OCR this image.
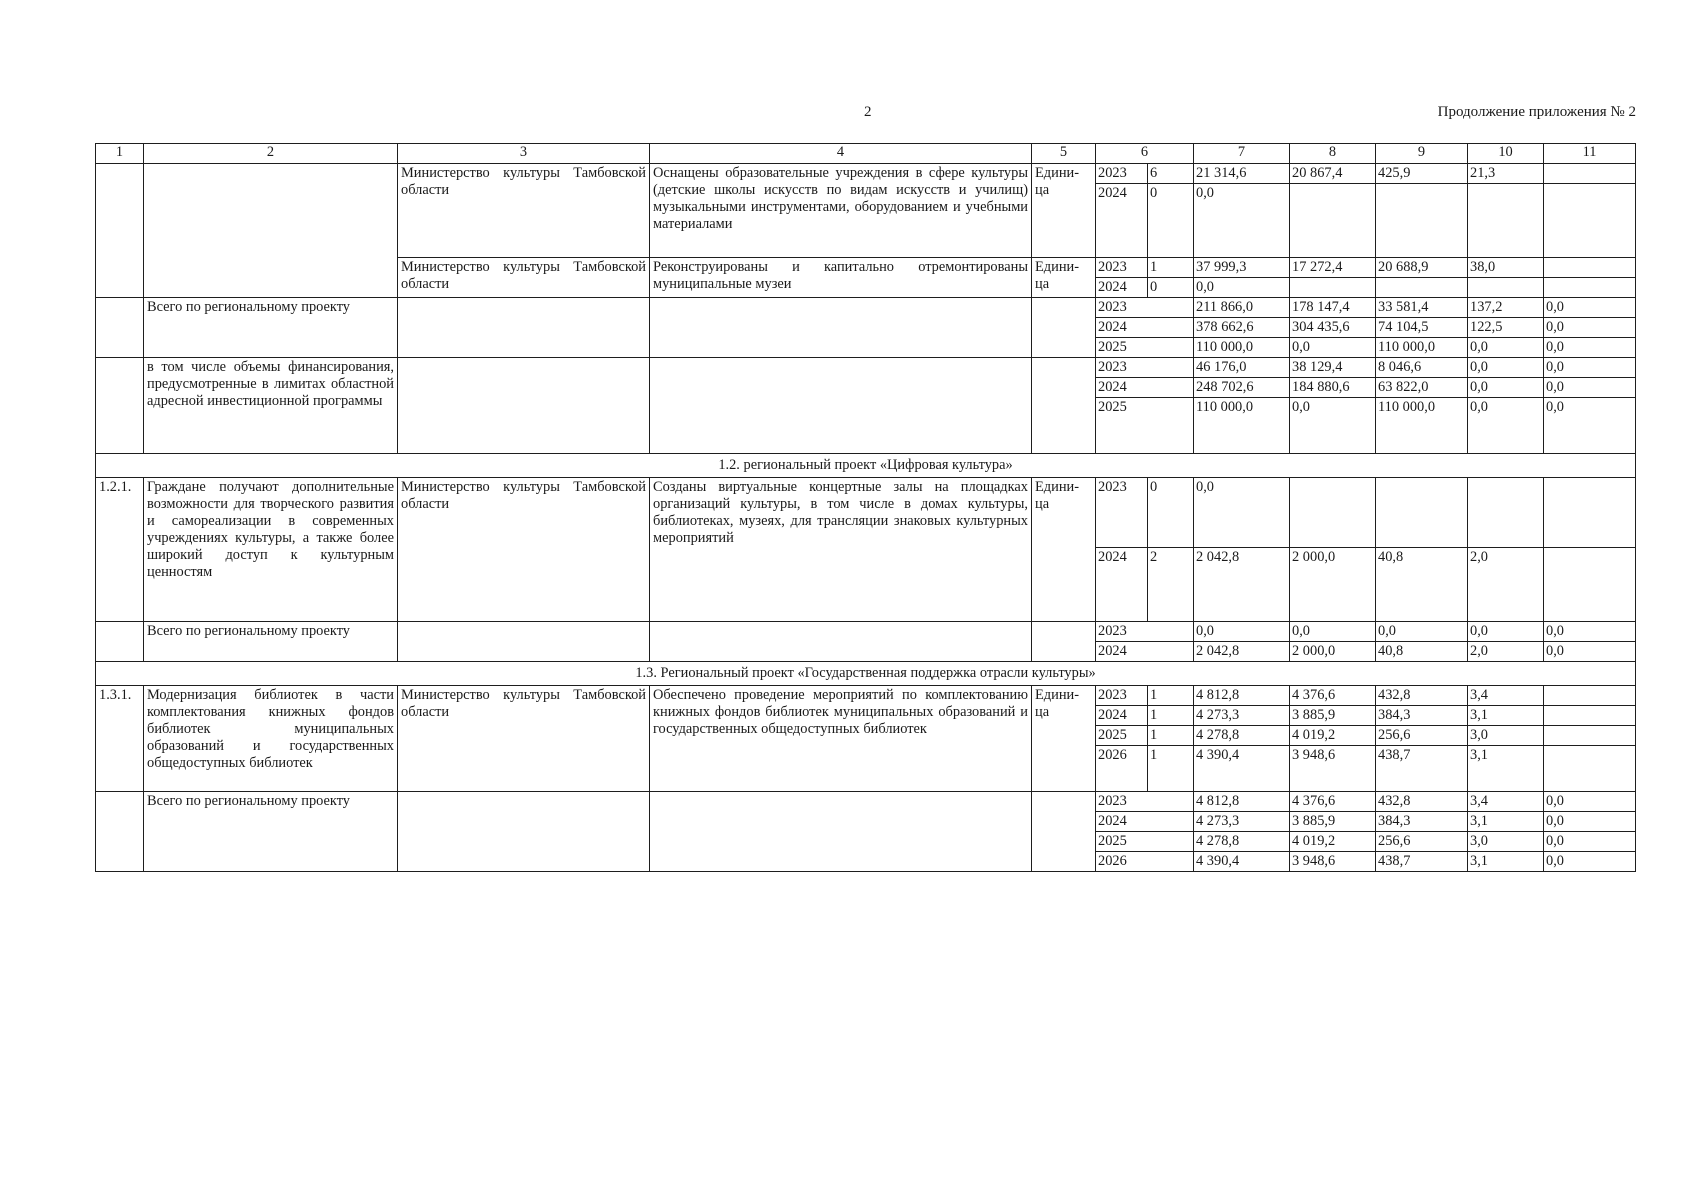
2	Продолжение приложения № 2
1	2	3	4	5	6		7	8	9	10	11
		Министерство культуры Тамбовской области	Оснащены образовательные учреждения в сфере культуры (детские школы искусств по видам искусств и училищ) музыкальными инструментами, оборудованием и учебными материалами	Едини-ца	2023	6	21 314,6	20 867,4	425,9	21,3	
					2024	0	0,0				
		Министерство культуры Тамбовской области	Реконструированы и капитально отремонтированы муниципальные музеи	Едини-ца	2023	1	37 999,3	17 272,4	20 688,9	38,0	
					2024	0	0,0				
	Всего по региональному проекту				2023		211 866,0	178 147,4	33 581,4	137,2	0,0
					2024		378 662,6	304 435,6	74 104,5	122,5	0,0
					2025		110 000,0	0,0	110 000,0	0,0	0,0
	в том числе объемы финансирования, предусмотренные в лимитах областной адресной инвестиционной программы				2023		46 176,0	38 129,4	8 046,6	0,0	0,0
					2024		248 702,6	184 880,6	63 822,0	0,0	0,0
					2025		110 000,0	0,0	110 000,0	0,0	0,0
1.2. региональный проект «Цифровая культура»											
1.2.1.	Граждане получают дополнительные возможности для творческого развития и самореализации в современных учреждениях культуры, а также более широкий доступ к культурным ценностям	Министерство культуры Тамбовской области	Созданы виртуальные концертные залы на площадках организаций культуры, в том числе в домах культуры, библиотеках, музеях, для трансляции знаковых культурных мероприятий	Едини-ца	2023	0	0,0				
					2024	2	2 042,8	2 000,0	40,8	2,0	
	Всего по региональному проекту				2023		0,0	0,0	0,0	0,0	0,0
					2024		2 042,8	2 000,0	40,8	2,0	0,0
1.3. Региональный проект «Государственная поддержка отрасли культуры»											
1.3.1.	Модернизация библиотек в части комплектования книжных фондов библиотек муниципальных образований и государственных общедоступных библиотек	Министерство культуры Тамбовской области	Обеспечено проведение мероприятий по комплектованию книжных фондов библиотек муниципальных образований и государственных общедоступных библиотек	Едини-ца	2023	1	4 812,8	4 376,6	432,8	3,4	
					2024	1	4 273,3	3 885,9	384,3	3,1	
					2025	1	4 278,8	4 019,2	256,6	3,0	
					2026	1	4 390,4	3 948,6	438,7	3,1	
	Всего по региональному проекту				2023		4 812,8	4 376,6	432,8	3,4	0,0
					2024		4 273,3	3 885,9	384,3	3,1	0,0
					2025		4 278,8	4 019,2	256,6	3,0	0,0
					2026		4 390,4	3 948,6	438,7	3,1	0,0
